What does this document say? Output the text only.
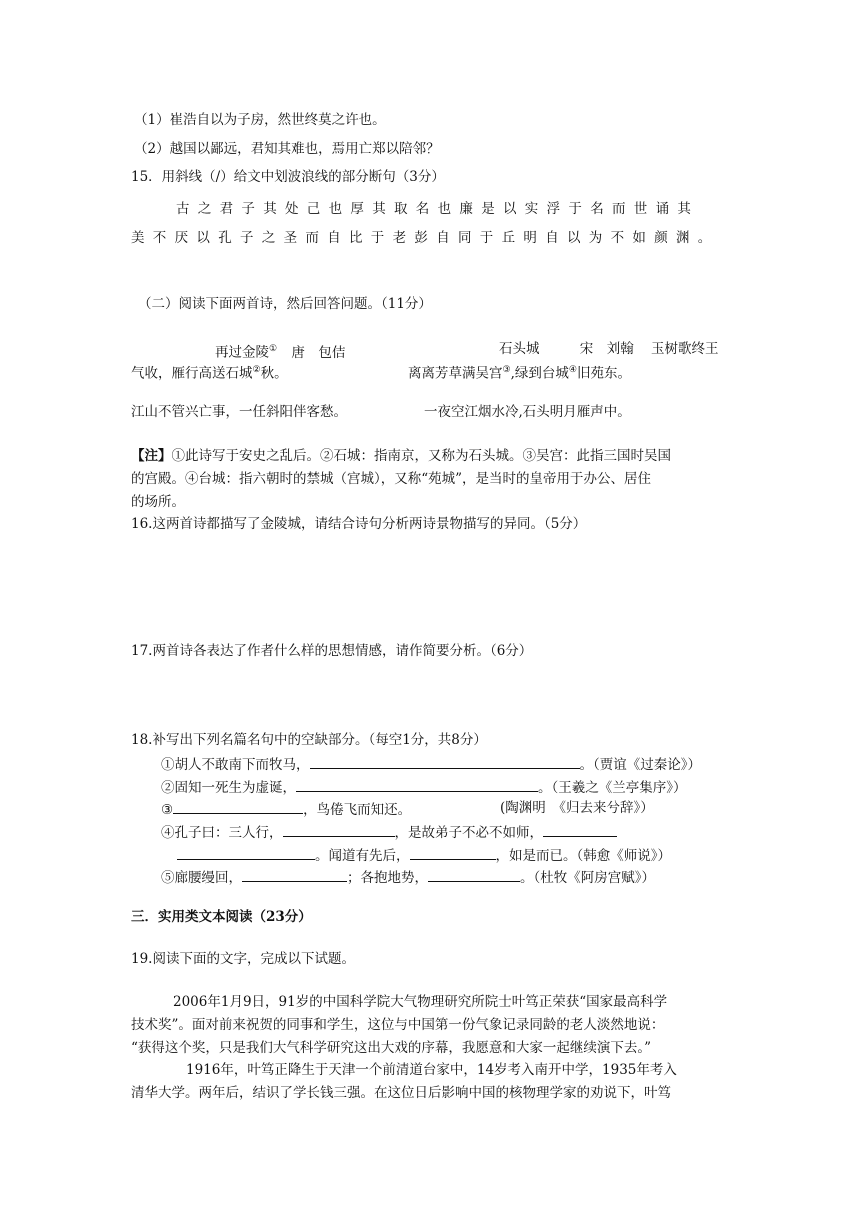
（1）崔浩自以为子房，然世终莫之许也。
（2）越国以鄙远，君知其难也，焉用亡郑以陪邻？
15．用斜线（/）给文中划波浪线的部分断句（3分）
古之君子其处己也厚其取名也廉是以实浮于名而世诵其
美不厌以孔子之圣而自比于老彭自同于丘明自以为不如颜渊。
（二）阅读下面两首诗，然后回答问题。（11分）
再过金陵① 唐　包佶	石头城	宋　刘翰 玉树歌终王
气收，雁行高送石城②秋。	离离芳草满吴宫③,绿到台城④旧苑东。
江山不管兴亡事，一任斜阳伴客愁。	一夜空江烟水冷,石头明月雁声中。
【注】①此诗写于安史之乱后。②石城：指南京，又称为石头城。③吴宫：此指三国时吴国
的宫殿。④台城：指六朝时的禁城（宫城），又称“苑城”，是当时的皇帝用于办公、居住
的场所。
16.这两首诗都描写了金陵城，请结合诗句分析两诗景物描写的异同。（5分）
17.两首诗各表达了作者什么样的思想情感，请作简要分析。（6分）
18.补写出下列名篇名句中的空缺部分。（每空1分，共8分）
①胡人不敢南下而牧马，	。（贾谊《过秦论》）
②固知一死生为虚诞，	。（王羲之《兰亭集序》）
③	，鸟倦飞而知还。	(陶渊明　《归去来兮辞》）
④孔子曰：三人行，	，是故弟子不必不如师，
。闻道有先后，	，如是而已。（韩愈《师说》）
⑤廊腰缦回，	；各抱地势，	。（杜牧《阿房宫赋》）
三．实用类文本阅读（23分）
19.阅读下面的文字，完成以下试题。
2006年1月9日，91岁的中国科学院大气物理研究所院士叶笃正荣获“国家最高科学
技术奖”。面对前来祝贺的同事和学生，这位与中国第一份气象记录同龄的老人淡然地说：
“获得这个奖，只是我们大气科学研究这出大戏的序幕，我愿意和大家一起继续演下去。”
1916年，叶笃正降生于天津一个前清道台家中，14岁考入南开中学，1935年考入
清华大学。两年后，结识了学长钱三强。在这位日后影响中国的核物理学家的劝说下，叶笃
